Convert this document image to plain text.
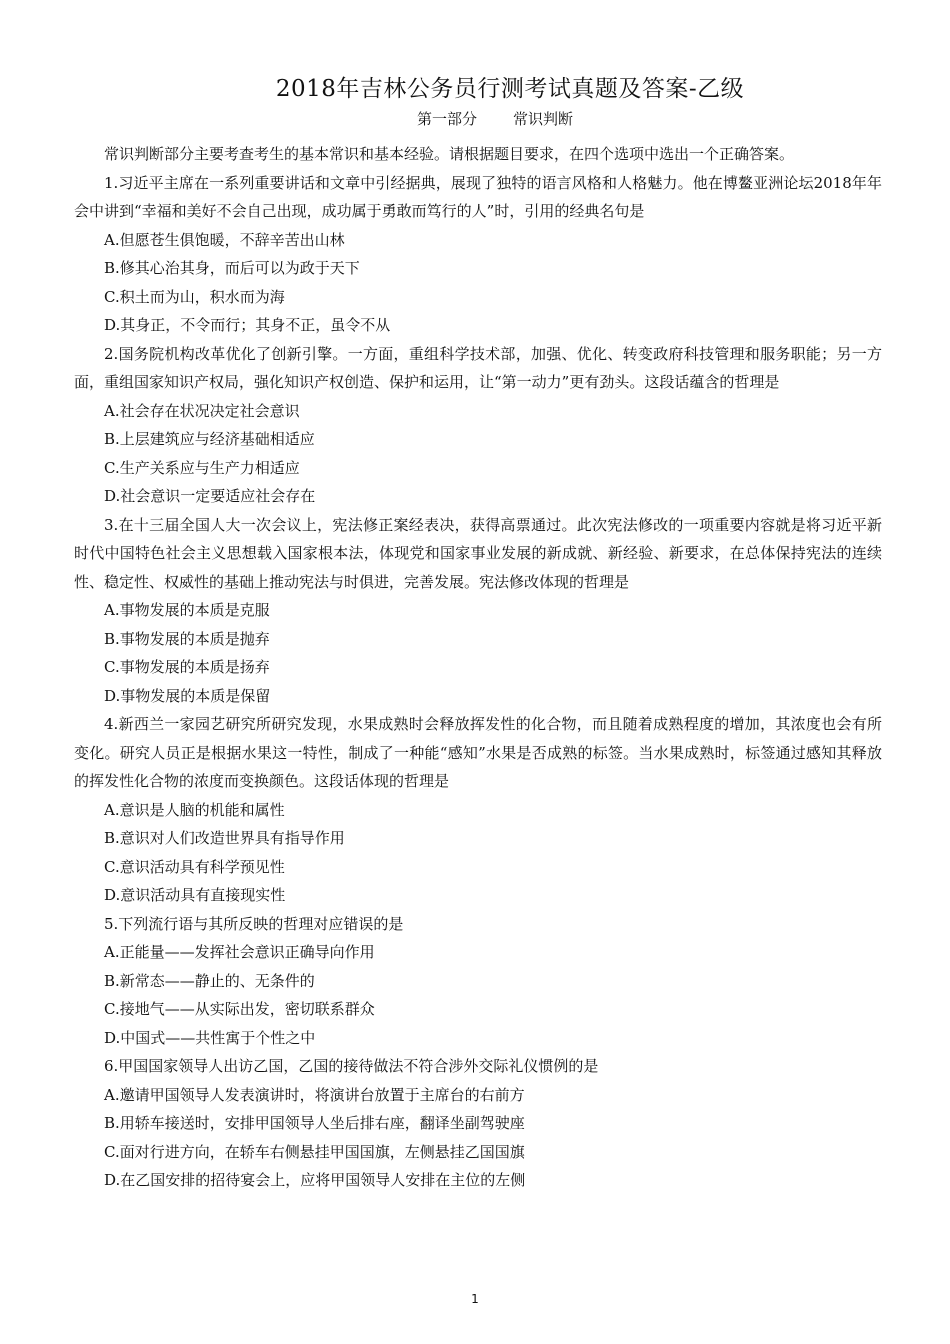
2018年吉林公务员行测考试真题及答案-乙级
第一部分 常识判断

常识判断部分主要考查考生的基本常识和基本经验。请根据题目要求，在四个选项中选出一个正确答案。

1.习近平主席在一系列重要讲话和文章中引经据典，展现了独特的语言风格和人格魅力。他在博鳌亚洲论坛2018年年会中讲到“幸福和美好不会自己出现，成功属于勇敢而笃行的人”时，引用的经典名句是

A.但愿苍生俱饱暖，不辞辛苦出山林

B.修其心治其身，而后可以为政于天下

C.积土而为山，积水而为海

D.其身正，不令而行；其身不正，虽令不从

2.国务院机构改革优化了创新引擎。一方面，重组科学技术部，加强、优化、转变政府科技管理和服务职能；另一方面，重组国家知识产权局，强化知识产权创造、保护和运用，让“第一动力”更有劲头。这段话蕴含的哲理是

A.社会存在状况决定社会意识

B.上层建筑应与经济基础相适应

C.生产关系应与生产力相适应

D.社会意识一定要适应社会存在

3.在十三届全国人大一次会议上，宪法修正案经表决，获得高票通过。此次宪法修改的一项重要内容就是将习近平新时代中国特色社会主义思想载入国家根本法，体现党和国家事业发展的新成就、新经验、新要求，在总体保持宪法的连续性、稳定性、权威性的基础上推动宪法与时俱进，完善发展。宪法修改体现的哲理是

A.事物发展的本质是克服

B.事物发展的本质是抛弃

C.事物发展的本质是扬弃

D.事物发展的本质是保留

4.新西兰一家园艺研究所研究发现，水果成熟时会释放挥发性的化合物，而且随着成熟程度的增加，其浓度也会有所变化。研究人员正是根据水果这一特性，制成了一种能“感知”水果是否成熟的标签。当水果成熟时，标签通过感知其释放的挥发性化合物的浓度而变换颜色。这段话体现的哲理是

A.意识是人脑的机能和属性

B.意识对人们改造世界具有指导作用

C.意识活动具有科学预见性

D.意识活动具有直接现实性

5.下列流行语与其所反映的哲理对应错误的是

A.正能量——发挥社会意识正确导向作用

B.新常态——静止的、无条件的

C.接地气——从实际出发，密切联系群众

D.中国式——共性寓于个性之中

6.甲国国家领导人出访乙国，乙国的接待做法不符合涉外交际礼仪惯例的是

A.邀请甲国领导人发表演讲时，将演讲台放置于主席台的右前方

B.用轿车接送时，安排甲国领导人坐后排右座，翻译坐副驾驶座

C.面对行进方向，在轿车右侧悬挂甲国国旗，左侧悬挂乙国国旗

D.在乙国安排的招待宴会上，应将甲国领导人安排在主位的左侧

1
